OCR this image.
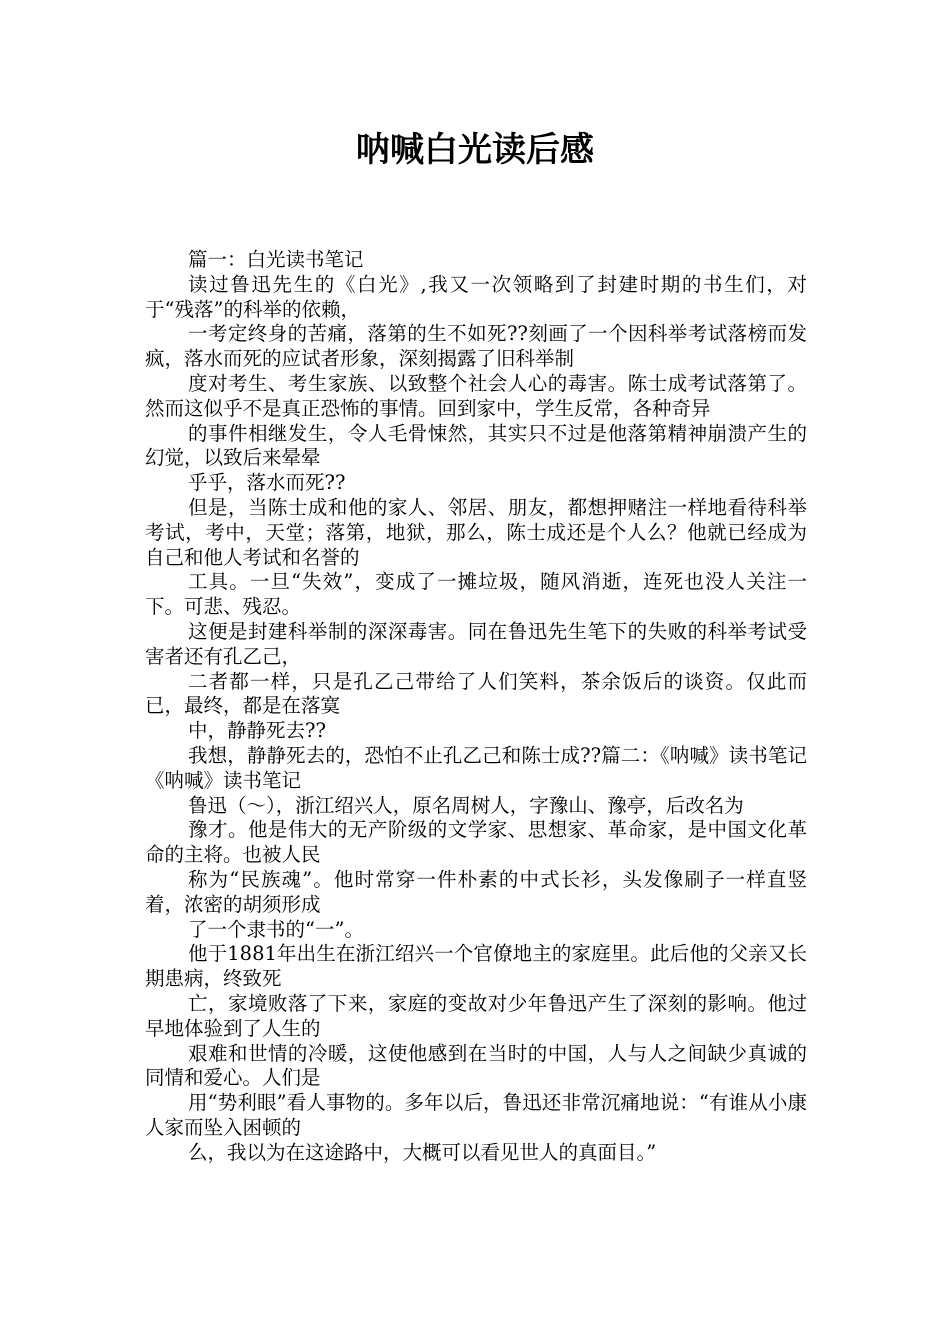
呐喊白光读后感

篇一：白光读书笔记

读过鲁迅先生的《白光》,我又一次领略到了封建时期的书生们，对于“残落”的科举的依赖，

一考定终身的苦痛，落第的生不如死??刻画了一个因科举考试落榜而发疯，落水而死的应试者形象，深刻揭露了旧科举制

度对考生、考生家族、以致整个社会人心的毒害。陈士成考试落第了。然而这似乎不是真正恐怖的事情。回到家中，学生反常，各种奇异

的事件相继发生，令人毛骨悚然，其实只不过是他落第精神崩溃产生的幻觉，以致后来晕晕

乎乎，落水而死??

但是，当陈士成和他的家人、邻居、朋友，都想押赌注一样地看待科举考试，考中，天堂；落第，地狱，那么，陈士成还是个人么？他就已经成为自己和他人考试和名誉的

工具。一旦“失效”，变成了一摊垃圾，随风消逝，连死也没人关注一下。可悲、残忍。

这便是封建科举制的深深毒害。同在鲁迅先生笔下的失败的科举考试受害者还有孔乙己，

二者都一样，只是孔乙己带给了人们笑料，茶余饭后的谈资。仅此而已，最终，都是在落寞

中，静静死去??

我想，静静死去的，恐怕不止孔乙己和陈士成??篇二：《呐喊》读书笔记《呐喊》读书笔记

鲁迅（～），浙江绍兴人，原名周树人，字豫山、豫亭，后改名为

豫才。他是伟大的无产阶级的文学家、思想家、革命家，是中国文化革命的主将。也被人民

称为“民族魂”。他时常穿一件朴素的中式长衫，头发像刷子一样直竖着，浓密的胡须形成

了一个隶书的“一”。

他于1881年出生在浙江绍兴一个官僚地主的家庭里。此后他的父亲又长期患病，终致死

亡，家境败落了下来，家庭的变故对少年鲁迅产生了深刻的影响。他过早地体验到了人生的

艰难和世情的冷暖，这使他感到在当时的中国，人与人之间缺少真诚的同情和爱心。人们是

用“势利眼”看人事物的。多年以后，鲁迅还非常沉痛地说：“有谁从小康人家而坠入困顿的

么，我以为在这途路中，大概可以看见世人的真面目。”
